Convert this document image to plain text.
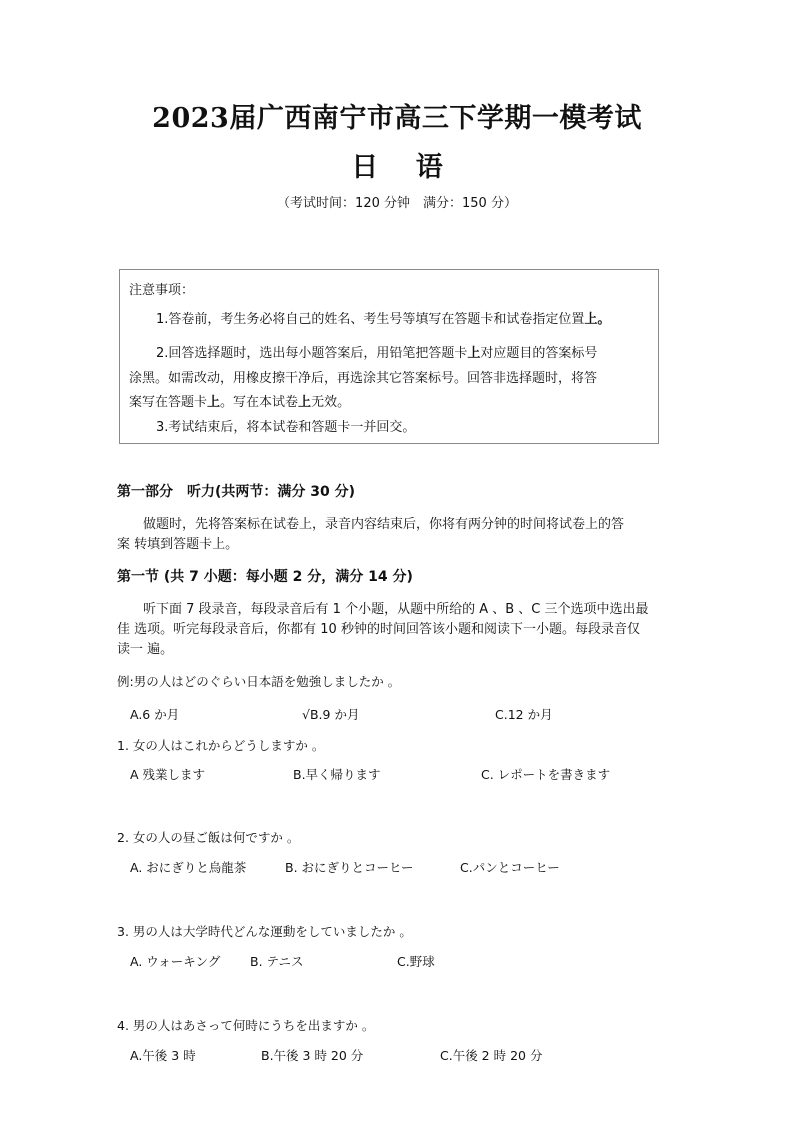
2023届广西南宁市高三下学期一模考试
日 语
（考试时间：120 分钟　满分：150 分）
注意事项：
1.答卷前，考生务必将自己的姓名、考生号等填写在答题卡和试卷指定位置上。
2.回答选择题时，选出每小题答案后，用铅笔把答题卡上对应题目的答案标号
涂黑。如需改动，用橡皮擦干净后，再选涂其它答案标号。回答非选择题时，将答
案写在答题卡上。写在本试卷上无效。
3.考试结束后，将本试卷和答题卡一并回交。
第一部分　听力(共两节：满分 30 分)
做题时，先将答案标在试卷上，录音内容结束后，你将有两分钟的时间将试卷上的答
案 转填到答题卡上。
第一节 (共 7 小题：每小题 2 分，满分 14 分)
听下面 7 段录音，每段录音后有 1 个小题，从题中所给的 A 、B 、C 三个选项中选出最
佳 选项。听完每段录音后，你都有 10 秒钟的时间回答该小题和阅读下一小题。每段录音仅
读一 遍。
例:男の人はどのぐらい日本語を勉強しましたか 。
A.6 か月	√B.9 か月	C.12 か月
1. 女の人はこれからどうしますか 。
A 残業します	B.早く帰ります	C. レポートを書きます
2. 女の人の昼ご飯は何ですか 。
A. おにぎりと烏龍茶	B. おにぎりとコーヒー	C.パンとコーヒー
3. 男の人は大学時代どんな運動をしていましたか 。
A. ウォーキング B. テニス	C.野球
4. 男の人はあさって何時にうちを出ますか 。
A.午後 3 時	B.午後 3 時 20 分	C.午後 2 時 20 分
